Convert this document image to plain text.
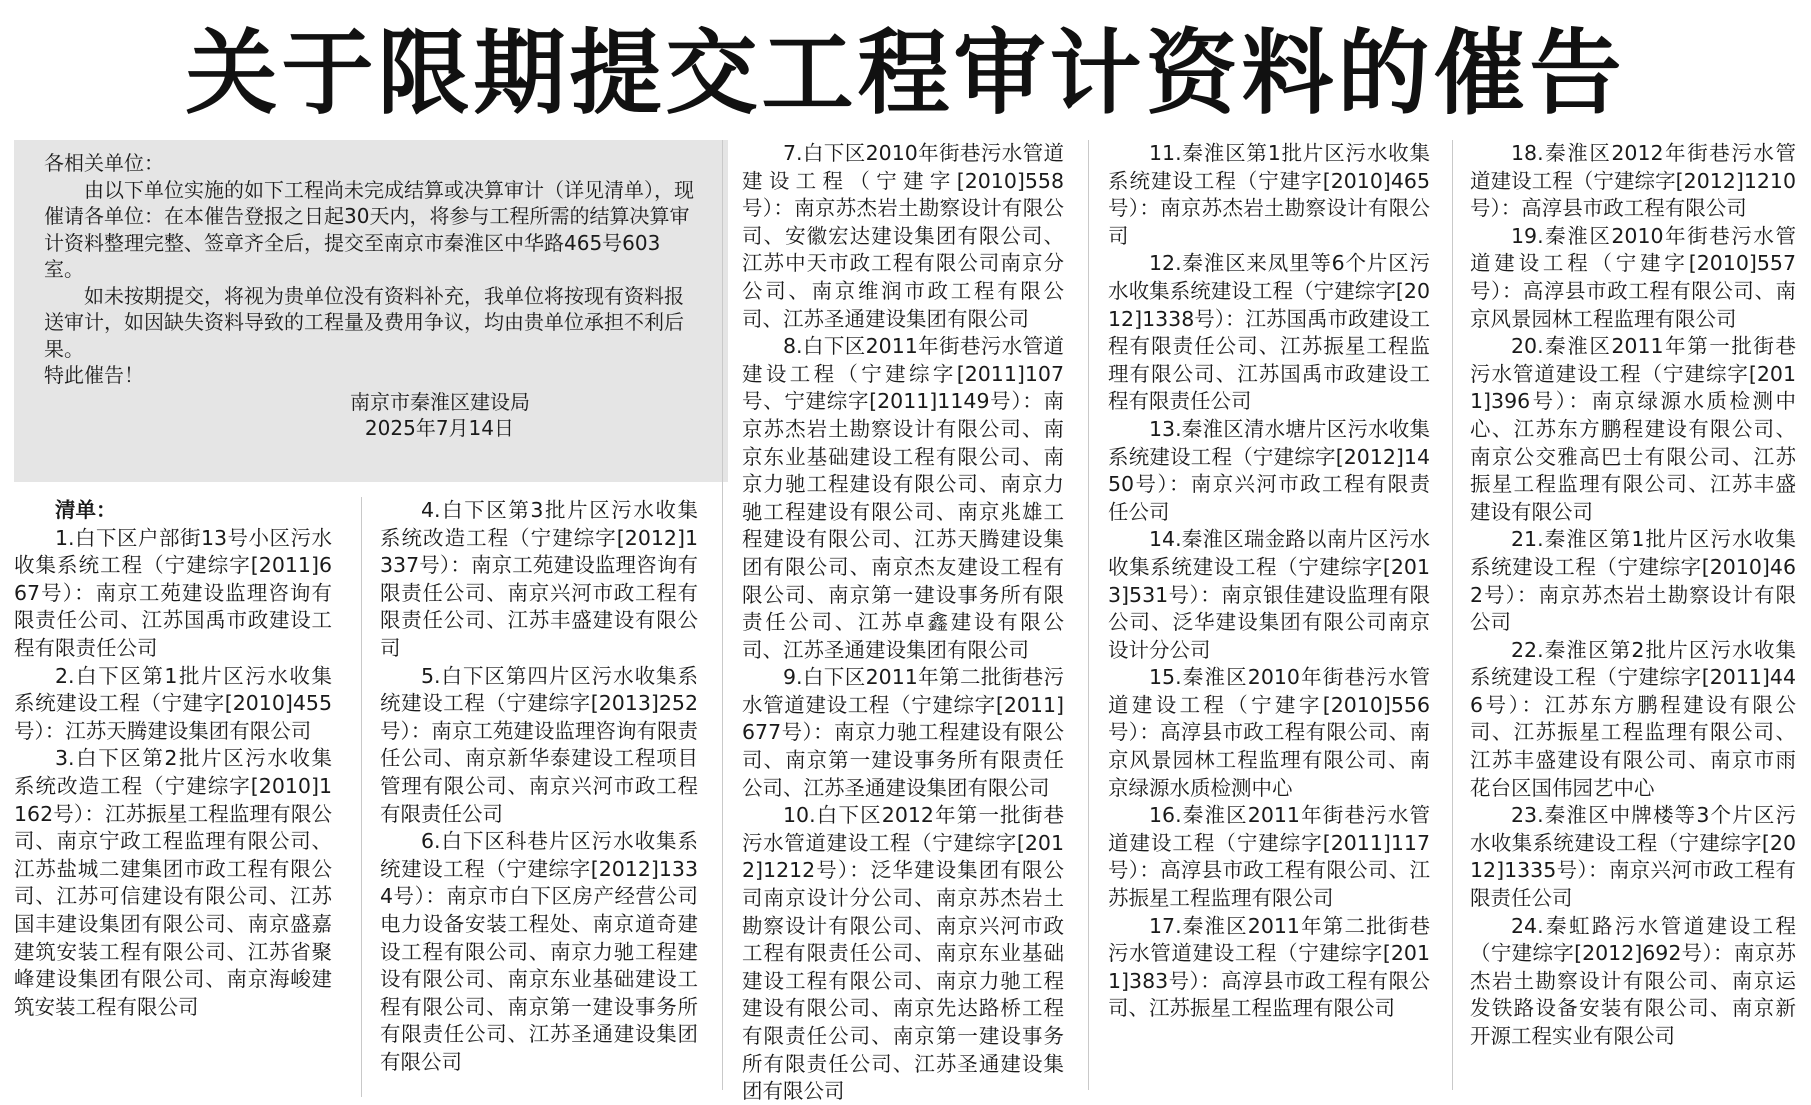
关于限期提交工程审计资料的催告

各相关单位：

由以下单位实施的如下工程尚未完成结算或决算审计（详见清单），现催请各单位：在本催告登报之日起30天内，将参与工程所需的结算决算审计资料整理完整、签章齐全后，提交至南京市秦淮区中华路465号603室。

如未按期提交，将视为贵单位没有资料补充，我单位将按现有资料报送审计，如因缺失资料导致的工程量及费用争议，均由贵单位承担不利后果。

特此催告！

南京市秦淮区建设局

2025年7月14日

清单：

1.白下区户部街13号小区污水收集系统工程（宁建综字[2011]667号）：南京工苑建设监理咨询有限责任公司、江苏国禹市政建设工程有限责任公司

2.白下区第1批片区污水收集系统建设工程（宁建字[2010]455号）：江苏天腾建设集团有限公司

3.白下区第2批片区污水收集系统改造工程（宁建综字[2010]1162号）：江苏振星工程监理有限公司、南京宁政工程监理有限公司、江苏盐城二建集团市政工程有限公司、江苏可信建设有限公司、江苏国丰建设集团有限公司、南京盛嘉建筑安装工程有限公司、江苏省聚峰建设集团有限公司、南京海峻建筑安装工程有限公司

4.白下区第3批片区污水收集系统改造工程（宁建综字[2012]1337号）：南京工苑建设监理咨询有限责任公司、南京兴河市政工程有限责任公司、江苏丰盛建设有限公司

5.白下区第四片区污水收集系统建设工程（宁建综字[2013]252号）：南京工苑建设监理咨询有限责任公司、南京新华泰建设工程项目管理有限公司、南京兴河市政工程有限责任公司

6.白下区科巷片区污水收集系统建设工程（宁建综字[2012]1334号）：南京市白下区房产经营公司电力设备安装工程处、南京道奇建设工程有限公司、南京力驰工程建设有限公司、南京东业基础建设工程有限公司、南京第一建设事务所有限责任公司、江苏圣通建设集团有限公司

7.白下区2010年街巷污水管道建设工程（宁建字[2010]558号）：南京苏杰岩土勘察设计有限公司、安徽宏达建设集团有限公司、江苏中天市政工程有限公司南京分公司、南京维润市政工程有限公司、江苏圣通建设集团有限公司

8.白下区2011年街巷污水管道建设工程（宁建综字[2011]107号、宁建综字[2011]1149号）：南京苏杰岩土勘察设计有限公司、南京东业基础建设工程有限公司、南京力驰工程建设有限公司、南京力驰工程建设有限公司、南京兆雄工程建设有限公司、江苏天腾建设集团有限公司、南京杰友建设工程有限公司、南京第一建设事务所有限责任公司、江苏卓鑫建设有限公司、江苏圣通建设集团有限公司

9.白下区2011年第二批街巷污水管道建设工程（宁建综字[2011]677号）：南京力驰工程建设有限公司、南京第一建设事务所有限责任公司、江苏圣通建设集团有限公司

10.白下区2012年第一批街巷污水管道建设工程（宁建综字[2012]1212号）：泛华建设集团有限公司南京设计分公司、南京苏杰岩土勘察设计有限公司、南京兴河市政工程有限责任公司、南京东业基础建设工程有限公司、南京力驰工程建设有限公司、南京先达路桥工程有限责任公司、南京第一建设事务所有限责任公司、江苏圣通建设集团有限公司

11.秦淮区第1批片区污水收集系统建设工程（宁建字[2010]465号）：南京苏杰岩土勘察设计有限公司

12.秦淮区来凤里等6个片区污水收集系统建设工程（宁建综字[2012]1338号）：江苏国禹市政建设工程有限责任公司、江苏振星工程监理有限公司、江苏国禹市政建设工程有限责任公司

13.秦淮区清水塘片区污水收集系统建设工程（宁建综字[2012]1450号）：南京兴河市政工程有限责任公司

14.秦淮区瑞金路以南片区污水收集系统建设工程（宁建综字[2013]531号）：南京银佳建设监理有限公司、泛华建设集团有限公司南京设计分公司

15.秦淮区2010年街巷污水管道建设工程（宁建字[2010]556号）：高淳县市政工程有限公司、南京风景园林工程监理有限公司、南京绿源水质检测中心

16.秦淮区2011年街巷污水管道建设工程（宁建综字[2011]117号）：高淳县市政工程有限公司、江苏振星工程监理有限公司

17.秦淮区2011年第二批街巷污水管道建设工程（宁建综字[2011]383号）：高淳县市政工程有限公司、江苏振星工程监理有限公司

18.秦淮区2012年街巷污水管道建设工程（宁建综字[2012]1210号）：高淳县市政工程有限公司

19.秦淮区2010年街巷污水管道建设工程（宁建字[2010]557号）：高淳县市政工程有限公司、南京风景园林工程监理有限公司

20.秦淮区2011年第一批街巷污水管道建设工程（宁建综字[2011]396号）：南京绿源水质检测中心、江苏东方鹏程建设有限公司、南京公交雅高巴士有限公司、江苏振星工程监理有限公司、江苏丰盛建设有限公司

21.秦淮区第1批片区污水收集系统建设工程（宁建综字[2010]462号）：南京苏杰岩土勘察设计有限公司

22.秦淮区第2批片区污水收集系统建设工程（宁建综字[2011]446号）：江苏东方鹏程建设有限公司、江苏振星工程监理有限公司、江苏丰盛建设有限公司、南京市雨花台区国伟园艺中心

23.秦淮区中牌楼等3个片区污水收集系统建设工程（宁建综字[2012]1335号）：南京兴河市政工程有限责任公司

24.秦虹路污水管道建设工程（宁建综字[2012]692号）：南京苏杰岩土勘察设计有限公司、南京运发铁路设备安装有限公司、南京新开源工程实业有限公司
